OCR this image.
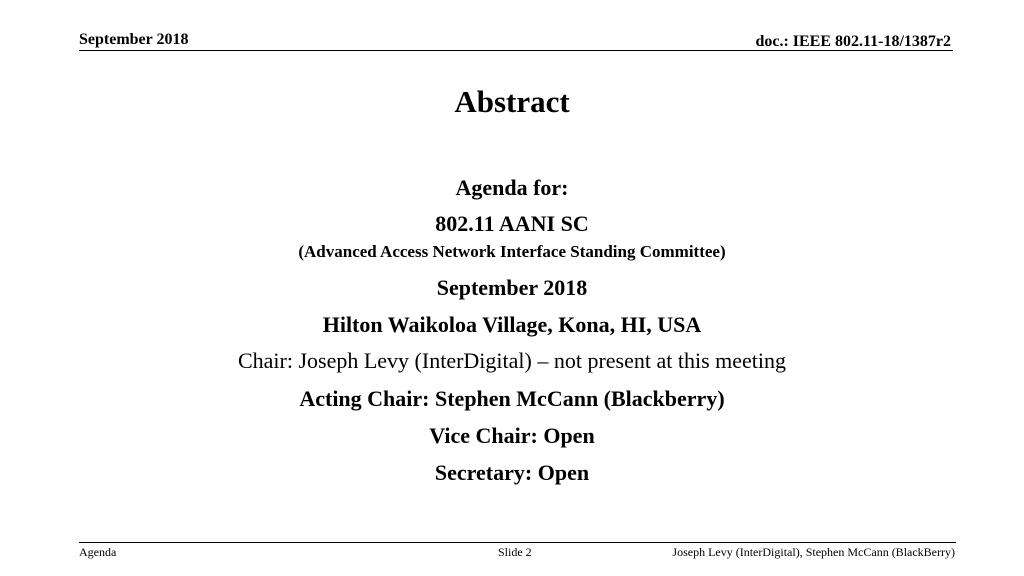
September 2018	doc.: IEEE 802.11-18/1387r2
Abstract
Agenda for:
802.11 AANI SC
(Advanced Access Network Interface Standing Committee)
September 2018
Hilton Waikoloa Village, Kona, HI, USA
Chair: Joseph Levy (InterDigital) – not present at this meeting
Acting Chair: Stephen McCann (Blackberry)
Vice Chair: Open
Secretary: Open
Agenda	Slide 2	Joseph Levy (InterDigital), Stephen McCann (BlackBerry)
